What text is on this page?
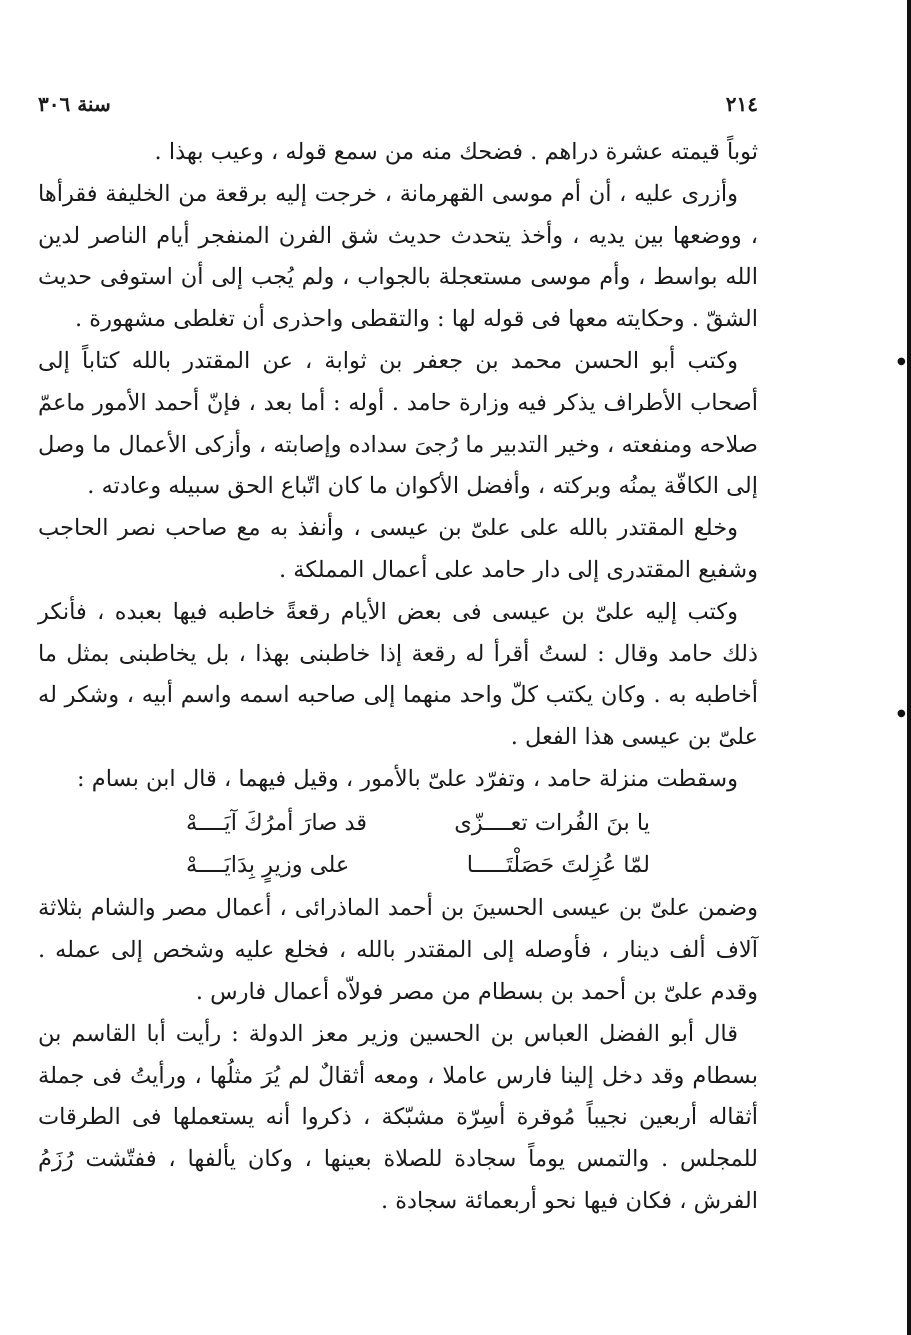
●
●
٢١٤
سنة ٣٠٦

ثوباً قيمته عشرة دراهم . فضحك منه من سمع قوله ، وعيب بهذا .

وأزرى عليه ، أن أم موسى القهرمانة ، خرجت إليه برقعة من الخليفة فقرأها ، ووضعها بين يديه ، وأخذ يتحدث حديث شق الفرن المنفجر أيام الناصر لدين الله بواسط ، وأم موسى مستعجلة بالجواب ، ولم يُجب إلى أن استوفى حديث الشقّ . وحكايته معها فى قوله لها : والتقطى واحذرى أن تغلطى مشهورة .

وكتب أبو الحسن محمد بن جعفر بن ثوابة ، عن المقتدر بالله كتاباً إلى أصحاب الأطراف يذكر فيه وزارة حامد . أوله : أما بعد ، فإنّ أحمد الأمور ماعمّ صلاحه ومنفعته ، وخير التدبير ما رُجىَ سداده وإصابته ، وأزكى الأعمال ما وصل إلى الكافّة يمنُه وبركته ، وأفضل الأكوان ما كان اتّباع الحق سبيله وعادته .

وخلع المقتدر بالله على علىّ بن عيسى ، وأنفذ به مع صاحب نصر الحاجب وشفيع المقتدرى إلى دار حامد على أعمال المملكة .

وكتب إليه علىّ بن عيسى فى بعض الأيام رقعةً خاطبه فيها بعبده ، فأنكر ذلك حامد وقال : لستُ أقرأ له رقعة إذا خاطبنى بهذا ، بل يخاطبنى بمثل ما أخاطبه به . وكان يكتب كلّ واحد منهما إلى صاحبه اسمه واسم أبيه ، وشكر له علىّ بن عيسى هذا الفعل .

وسقطت منزلة حامد ، وتفرّد علىّ بالأمور ، وقيل فيهما ، قال ابن بسام :

يا بنَ الفُرات تعــــزّى
قد صارَ أمرُكَ آيَــــهْ
لمّا عُزِلتَ حَصَلْتَـــــا
على وزيرٍ بِدَايَــــهْ

وضمن علىّ بن عيسى الحسينَ بن أحمد الماذرائى ، أعمال مصر والشام بثلاثة آلاف ألف دينار ، فأوصله إلى المقتدر بالله ، فخلع عليه وشخص إلى عمله . وقدم علىّ بن أحمد بن بسطام من مصر فولاّه أعمال فارس .

قال أبو الفضل العباس بن الحسين وزير معز الدولة : رأيت أبا القاسم بن بسطام وقد دخل إلينا فارس عاملا ، ومعه أثقالٌ لم يُرَ مثلُها ، ورأيتُ فى جملة أثقاله أربعين نجيباً مُوقرة أسِرّة مشبّكة ، ذكروا أنه يستعملها فى الطرقات للمجلس . والتمس يوماً سجادة للصلاة بعينها ، وكان يألفها ، ففتّشت رُزَمُ الفرش ، فكان فيها نحو أربعمائة سجادة .
